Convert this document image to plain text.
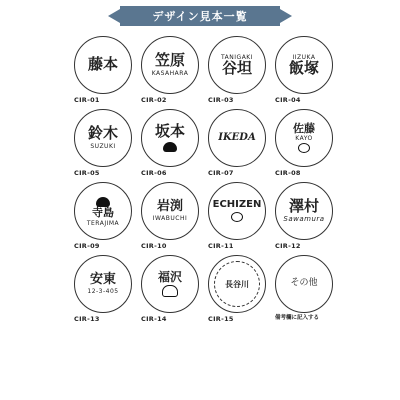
デザイン見本一覧
藤本
CIR-01
笠原
KASAHARA
CIR-02
TANIGAKI
谷坦
CIR-03
IIZUKA
飯塚
CIR-04
鈴木
SUZUKI
CIR-05
坂本
CIR-06
IKEDA
CIR-07
佐藤
KAYO
CIR-08
寺島
TERAJIMA
CIR-09
岩渕
IWABUCHI
CIR-10
ECHIZEN
CIR-11
澤村
Sawamura
CIR-12
安東
12-3-405
CIR-13
福沢
CIR-14
長谷川
CIR-15
その他
備考欄に記入する
